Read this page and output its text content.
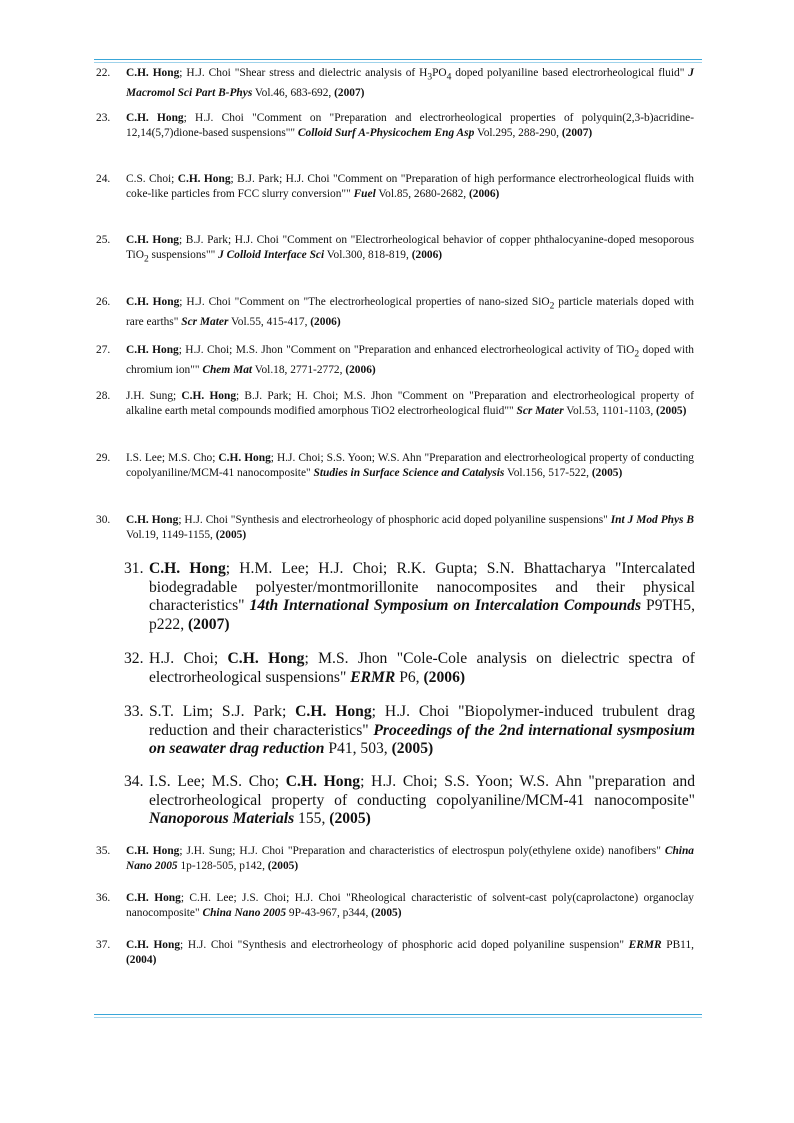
22. C.H. Hong; H.J. Choi "Shear stress and dielectric analysis of $H_3PO_4$ doped polyaniline based electrorheological fluid" J Macromol Sci Part B-Phys Vol.46, 683-692, (2007)
23. C.H. Hong; H.J. Choi "Comment on "Preparation and electrorheological properties of polyquin(2,3-b)acridine-12,14(5,7)dione-based suspensions"" Colloid Surf A-Physicochem Eng Asp Vol.295, 288-290, (2007)
24. C.S. Choi; C.H. Hong; B.J. Park; H.J. Choi "Comment on "Preparation of high performance electrorheological fluids with coke-like particles from FCC slurry conversion"" Fuel Vol.85, 2680-2682, (2006)
25. C.H. Hong; B.J. Park; H.J. Choi "Comment on "Electrorheological behavior of copper phthalocyanine-doped mesoporous TiO$_2$ suspensions"" J Colloid Interface Sci Vol.300, 818-819, (2006)
26. C.H. Hong; H.J. Choi "Comment on "The electrorheological properties of nano-sized SiO$_2$ particle materials doped with rare earths" Scr Mater Vol.55, 415-417, (2006)
27. C.H. Hong; H.J. Choi; M.S. Jhon "Comment on "Preparation and enhanced electrorheological activity of TiO$_2$ doped with chromium ion"" Chem Mat Vol.18, 2771-2772, (2006)
28. J.H. Sung; C.H. Hong; B.J. Park; H. Choi; M.S. Jhon "Comment on "Preparation and electrorheological property of alkaline earth metal compounds modified amorphous TiO2 electrorheological fluid"" Scr Mater Vol.53, 1101-1103, (2005)
29. I.S. Lee; M.S. Cho; C.H. Hong; H.J. Choi; S.S. Yoon; W.S. Ahn "Preparation and electrorheological property of conducting copolyaniline/MCM-41 nanocomposite" Studies in Surface Science and Catalysis Vol.156, 517-522, (2005)
30. C.H. Hong; H.J. Choi "Synthesis and electrorheology of phosphoric acid doped polyaniline suspensions" Int J Mod Phys B Vol.19, 1149-1155, (2005)
31. C.H. Hong; H.M. Lee; H.J. Choi; R.K. Gupta; S.N. Bhattacharya "Intercalated biodegradable polyester/montmorillonite nanocomposites and their physical characteristics" 14th International Symposium on Intercalation Compounds P9TH5, p222, (2007)
32. H.J. Choi; C.H. Hong; M.S. Jhon "Cole-Cole analysis on dielectric spectra of electrorheological suspensions" ERMR P6, (2006)
33. S.T. Lim; S.J. Park; C.H. Hong; H.J. Choi "Biopolymer-induced trubulent drag reduction and their characteristics" Proceedings of the 2nd international sysmposium on seawater drag reduction P41, 503, (2005)
34. I.S. Lee; M.S. Cho; C.H. Hong; H.J. Choi; S.S. Yoon; W.S. Ahn "preparation and electrorheological property of conducting copolyaniline/MCM-41 nanocomposite" Nanoporous Materials 155, (2005)
35. C.H. Hong; J.H. Sung; H.J. Choi "Preparation and characteristics of electrospun poly(ethylene oxide) nanofibers" China Nano 2005 1p-128-505, p142, (2005)
36. C.H. Hong; C.H. Lee; J.S. Choi; H.J. Choi "Rheological characteristic of solvent-cast poly(caprolactone) organoclay nanocomposite" China Nano 2005 9P-43-967, p344, (2005)
37. C.H. Hong; H.J. Choi "Synthesis and electrorheology of phosphoric acid doped polyaniline suspension" ERMR PB11, (2004)
